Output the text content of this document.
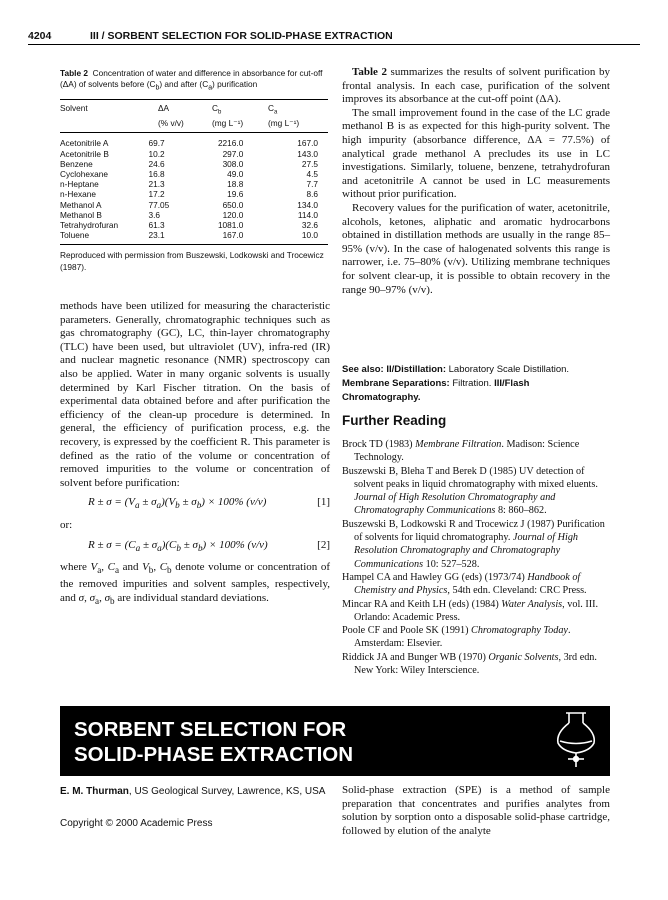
4204	III / SORBENT SELECTION FOR SOLID-PHASE EXTRACTION
Table 2 Concentration of water and difference in absorbance for cut-off (ΔA) of solvents before $(C_b)$ and after $(C_a)$ purification
Solvent	ΔA	$C_b$	$C_a$
	(% v/v)	(mg L⁻¹)	(mg L⁻¹)
Acetonitrile A	69.7	2216.0	167.0
Acetonitrile B	10.2	297.0	143.0
Benzene	24.6	308.0	27.5
Cyclohexane	16.8	49.0	4.5
n-Heptane	21.3	18.8	7.7
n-Hexane	17.2	19.6	8.6
Methanol A	77.05	650.0	134.0
Methanol B	3.6	120.0	114.0
Tetrahydrofuran	61.3	1081.0	32.6
Toluene	23.1	167.0	10.0
Reproduced with permission from Buszewski, Lodkowski and Trocewicz (1987).

methods have been utilized for measuring the characteristic parameters. Generally, chromatographic techniques such as gas chromatography (GC), LC, thin-layer chromatography (TLC) have been used, but ultraviolet (UV), infra-red (IR) and nuclear magnetic resonance (NMR) spectroscopy can also be applied. Water in many organic solvents is usually determined by Karl Fischer titration. On the basis of experimental data obtained before and after purification the efficiency of the clean-up procedure is determined. In general, the efficiency of purification process, e.g. the recovery, is expressed by the coefficient R. This parameter is defined as the ratio of the volume or concentration of removed impurities to the volume or concentration of solvent before purification:

$R \pm \sigma = (V_a \pm \sigma_a)(V_b \pm \sigma_b) \times 100\%$ (v/v)	[1]

or:

$R \pm \sigma = (C_a \pm \sigma_a)(C_b \pm \sigma_b) \times 100\%$ (v/v)	[2]

where $V_a$, $C_a$ and $V_b$, $C_b$ denote volume or concentration of the removed impurities and solvent samples, respectively, and σ, $\sigma_a$, $\sigma_b$ are individual standard deviations.

Table 2 summarizes the results of solvent purification by frontal analysis. In each case, purification of the solvent improves its absorbance at the cut-off point (ΔA).

The small improvement found in the case of the LC grade methanol B is as expected for this high-purity solvent. The high impurity (absorbance difference, ΔA = 77.5%) of analytical grade methanol A precludes its use in LC investigations. Similarly, toluene, benzene, tetrahydrofuran and acetonitrile A cannot be used in LC measurements without prior purification.

Recovery values for the purification of water, acetonitrile, alcohols, ketones, aliphatic and aromatic hydrocarbons obtained in distillation methods are usually in the range 85–95% (v/v). In the case of halogenated solvents this range is narrower, i.e. 75–80% (v/v). Utilizing membrane techniques for solvent clear-up, it is possible to obtain recovery in the range 90–97% (v/v).

See also: II/Distillation: Laboratory Scale Distillation. Membrane Separations: Filtration. III/Flash Chromatography.
Further Reading

Brock TD (1983) Membrane Filtration. Madison: Science Technology.

Buszewski B, Bleha T and Berek D (1985) UV detection of solvent peaks in liquid chromatography with mixed eluents. Journal of High Resolution Chromatography and Chromatography Communications 8: 860–862.

Buszewski B, Lodkowski R and Trocewicz J (1987) Purification of solvents for liquid chromatography. Journal of High Resolution Chromatography and Chromatography Communications 10: 527–528.

Hampel CA and Hawley GG (eds) (1973/74) Handbook of Chemistry and Physics, 54th edn. Cleveland: CRC Press.

Mincar RA and Keith LH (eds) (1984) Water Analysis, vol. III. Orlando: Academic Press.

Poole CF and Poole SK (1991) Chromatography Today. Amsterdam: Elsevier.

Riddick JA and Bunger WB (1970) Organic Solvents, 3rd edn. New York: Wiley Interscience.

SORBENT SELECTION FOR
SOLID-PHASE EXTRACTION
E. M. Thurman, US Geological Survey, Lawrence, KS, USA
Copyright © 2000 Academic Press
Solid-phase extraction (SPE) is a method of sample preparation that concentrates and purifies analytes from solution by sorption onto a disposable solid-phase cartridge, followed by elution of the analyte
